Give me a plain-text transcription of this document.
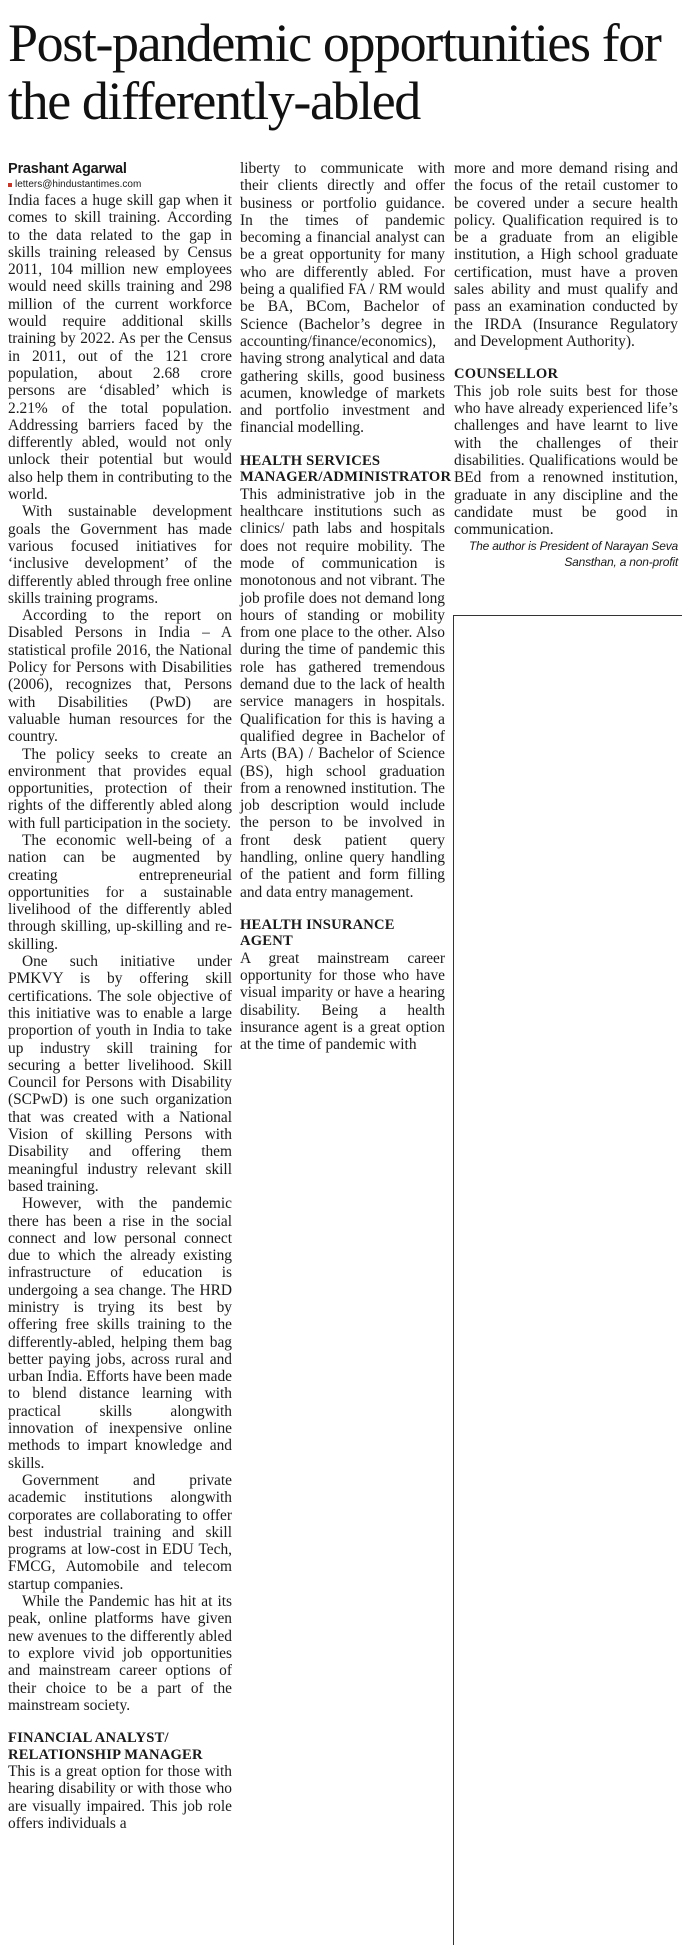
Post-pandemic opportunities for the differently-abled

Prashant Agarwal

letters@hindustantimes.com

India faces a huge skill gap when it comes to skill training. According to the data related to the gap in skills training released by Census 2011, 104 million new employees would need skills training and 298 million of the current workforce would require additional skills training by 2022. As per the Census in 2011, out of the 121 crore population, about 2.68 crore persons are ‘disabled’ which is 2.21% of the total population. Addressing barriers faced by the differently abled, would not only unlock their potential but would also help them in contributing to the world.

With sustainable development goals the Government has made various focused initiatives for ‘inclusive development’ of the differently abled through free online skills training programs.

According to the report on Disabled Persons in India – A statistical profile 2016, the National Policy for Persons with Disabilities (2006), recognizes that, Persons with Disabilities (PwD) are valuable human resources for the country.

The policy seeks to create an environment that provides equal opportunities, protection of their rights of the differently abled along with full participation in the society.

The economic well-being of a nation can be augmented by creating entrepreneurial opportunities for a sustainable livelihood of the differently abled through skilling, up-skilling and re-skilling.

One such initiative under PMKVY is by offering skill certifications. The sole objective of this initiative was to enable a large proportion of youth in India to take up industry skill training for securing a better livelihood. Skill Council for Persons with Disability (SCPwD) is one such organization that was created with a National Vision of skilling Persons with Disability and offering them meaningful industry relevant skill based training.

However, with the pandemic there has been a rise in the social connect and low personal connect due to which the already existing infrastructure of education is undergoing a sea change. The HRD ministry is trying its best by offering free skills training to the differently-abled, helping them bag better paying jobs, across rural and urban India. Efforts have been made to blend distance learning with practical skills alongwith innovation of inexpensive online methods to impart knowledge and skills.

Government and private academic institutions alongwith corporates are collaborating to offer best industrial training and skill programs at low-cost in EDU Tech, FMCG, Automobile and telecom startup companies.

While the Pandemic has hit at its peak, online platforms have given new avenues to the differently abled to explore vivid job opportunities and mainstream career options of their choice to be a part of the mainstream society.

FINANCIAL ANALYST/ RELATIONSHIP MANAGER

This is a great option for those with hearing disability or with those who are visually impaired. This job role offers individuals a

liberty to communicate with their clients directly and offer business or portfolio guidance. In the times of pandemic becoming a financial analyst can be a great opportunity for many who are differently abled. For being a qualified FA / RM would be BA, BCom, Bachelor of Science (Bachelor’s degree in accounting/finance/economics), having strong analytical and data gathering skills, good business acumen, knowledge of markets and portfolio investment and financial modelling.

HEALTH SERVICES MANAGER/ADMINISTRATOR

This administrative job in the healthcare institutions such as clinics/ path labs and hospitals does not require mobility. The mode of communication is monotonous and not vibrant. The job profile does not demand long hours of standing or mobility from one place to the other. Also during the time of pandemic this role has gathered tremendous demand due to the lack of health service managers in hospitals. Qualification for this is having a qualified degree in Bachelor of Arts (BA) / Bachelor of Science (BS), high school graduation from a renowned institution. The job description would include the person to be involved in front desk patient query handling, online query handling of the patient and form filling and data entry management.

HEALTH INSURANCE AGENT

A great mainstream career opportunity for those who have visual imparity or have a hearing disability. Being a health insurance agent is a great option at the time of pandemic with

more and more demand rising and the focus of the retail customer to be covered under a secure health policy. Qualification required is to be a graduate from an eligible institution, a High school graduate certification, must have a proven sales ability and must qualify and pass an examination conducted by the IRDA (Insurance Regulatory and Development Authority).

COUNSELLOR

This job role suits best for those who have already experienced life’s challenges and have learnt to live with the challenges of their disabilities. Qualifications would be BEd from a renowned institution, graduate in any discipline and the candidate must be good in communication.

The author is President of Narayan Seva Sansthan, a non-profit
